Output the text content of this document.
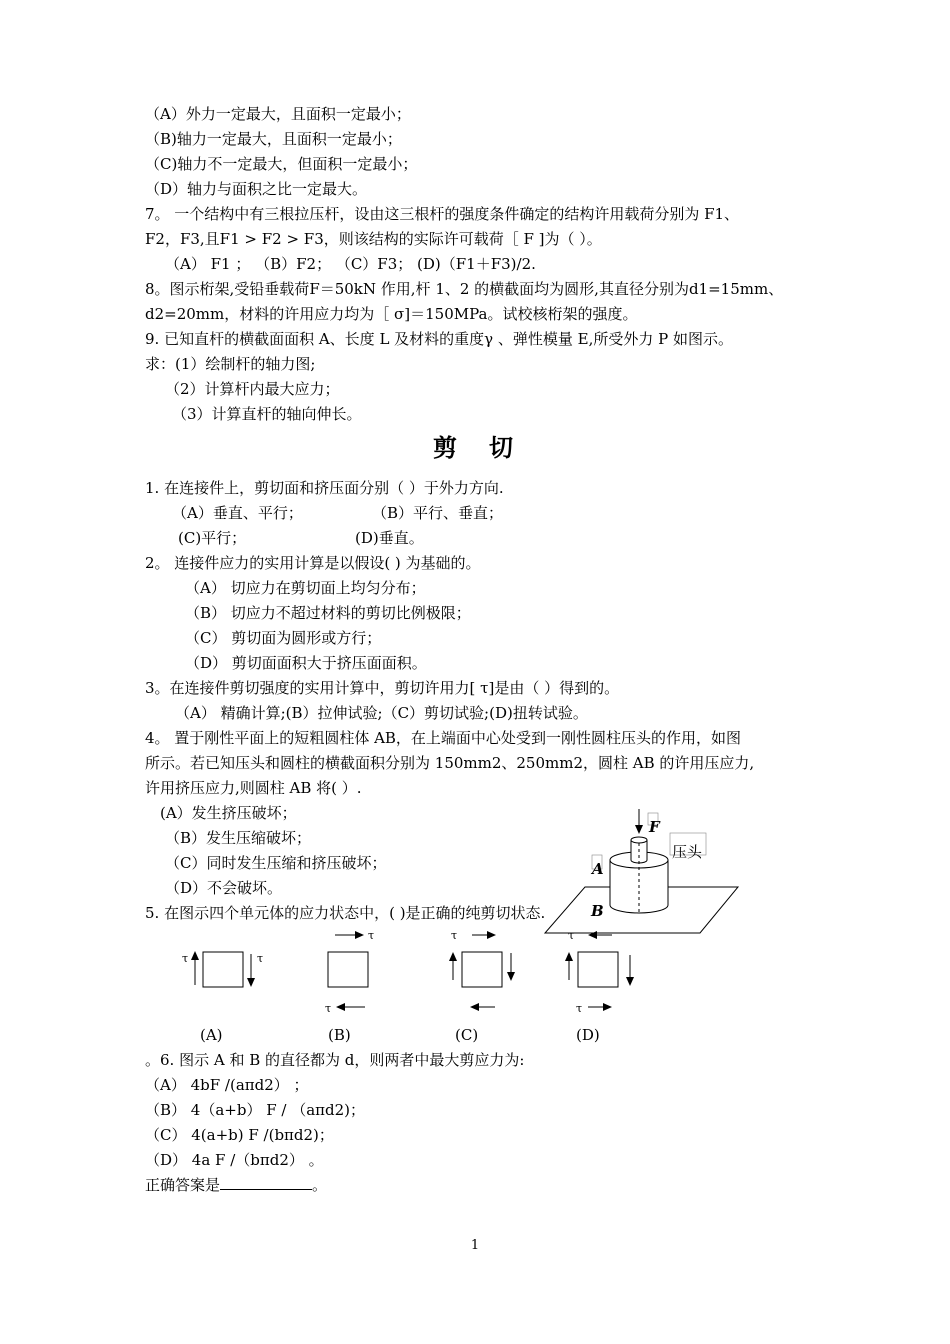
（A）外力一定最大，且面积一定最小；
（B)轴力一定最大，且面积一定最小；
（C)轴力不一定最大，但面积一定最小；
（D）轴力与面积之比一定最大。
7。 一个结构中有三根拉压杆，设由这三根杆的强度条件确定的结构许用载荷分别为 F1、
F2，F3,且F1 > F2 > F3，则该结构的实际许可载荷［ F ]为（ ）。
（A） F1 ； （B）F2； （C）F3； (D)（F1＋F3)/2.
8。图示桁架,受铅垂载荷F＝50kN 作用,杆 1、2 的横截面均为圆形,其直径分别为d1=15mm、
d2=20mm，材料的许用应力均为［ σ]＝150MPa。试校核桁架的强度。
9. 已知直杆的横截面面积 A、长度 L 及材料的重度γ 、弹性模量 E,所受外力 P 如图示。
求：(1）绘制杆的轴力图;
（2）计算杆内最大应力；
（3）计算直杆的轴向伸长。
剪 切
1. 在连接件上，剪切面和挤压面分别（ ）于外力方向.
（A）垂直、平行；	（B）平行、垂直；
(C)平行；	(D)垂直。
2。 连接件应力的实用计算是以假设( ) 为基础的。
（A） 切应力在剪切面上均匀分布；
（B） 切应力不超过材料的剪切比例极限；
（C） 剪切面为圆形或方行；
（D） 剪切面面积大于挤压面面积。
3。在连接件剪切强度的实用计算中，剪切许用力[ τ]是由（ ）得到的。
（A） 精确计算;(B）拉伸试验;（C）剪切试验;(D)扭转试验。
4。 置于刚性平面上的短粗圆柱体 AB，在上端面中心处受到一刚性圆柱压头的作用，如图
所示。若已知压头和圆柱的横截面积分别为 150mm2、250mm2，圆柱 AB 的许用压应力,
许用挤压应力,则圆柱 AB 将( ）.
(A）发生挤压破坏；
（B）发生压缩破坏；
（C）同时发生压缩和挤压破坏；
（D）不会破坏。
5. 在图示四个单元体的应力状态中，( )是正确的纯剪切状态.
F
压头
A
B
τ	τ
τ
τ
τ	τ
τ
(A)	(B)	(C)	(D)
。6. 图示 A 和 B 的直径都为 d，则两者中最大剪应力为:
（A） 4bF /(aπd2） ；
（B） 4（a+b） F / （aπd2)；
（C） 4(a+b) F /(bπd2)；
（D） 4a F /（bπd2） 。
正确答案是	。
1
